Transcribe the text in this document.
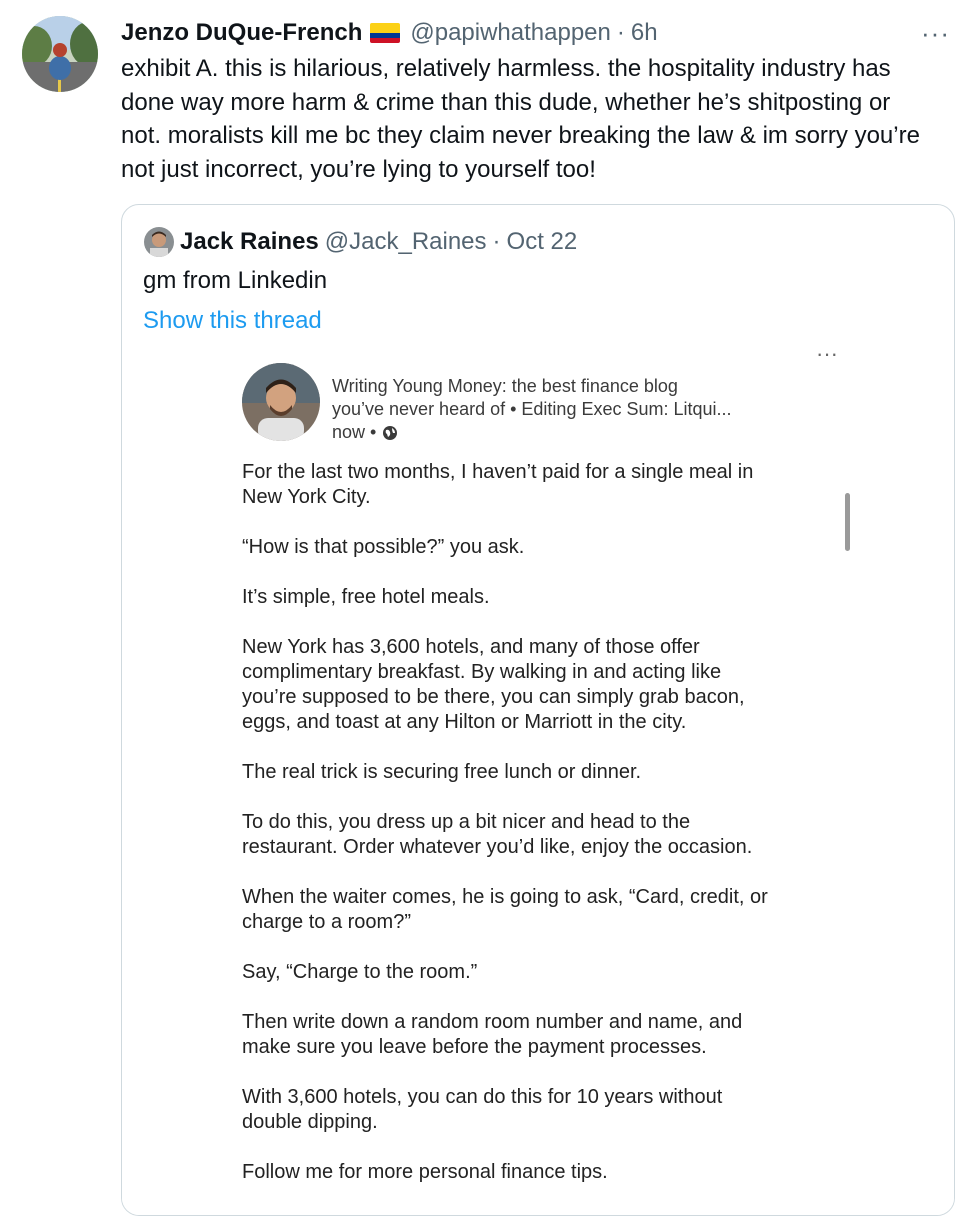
Jenzo DuQue-French @papiwhathappen · 6h	···
exhibit A. this is hilarious, relatively harmless. the hospitality industry has
done way more harm & crime than this dude, whether he’s shitposting or
not. moralists kill me bc they claim never breaking the law & im sorry you’re
not just incorrect, you’re lying to yourself too!
Jack Raines @Jack_Raines · Oct 22
gm from Linkedin
Show this thread

···
Writing Young Money: the best finance blog
you’ve never heard of • Editing Exec Sum: Litqui...
now •

For the last two months, I haven’t paid for a single meal in
New York City.

“How is that possible?” you ask.

It’s simple, free hotel meals.

New York has 3,600 hotels, and many of those offer
complimentary breakfast. By walking in and acting like
you’re supposed to be there, you can simply grab bacon,
eggs, and toast at any Hilton or Marriott in the city.

The real trick is securing free lunch or dinner.

To do this, you dress up a bit nicer and head to the
restaurant. Order whatever you’d like, enjoy the occasion.

When the waiter comes, he is going to ask, “Card, credit, or
charge to a room?”

Say, “Charge to the room.”

Then write down a random room number and name, and
make sure you leave before the payment processes.

With 3,600 hotels, you can do this for 10 years without
double dipping.

Follow me for more personal finance tips.
